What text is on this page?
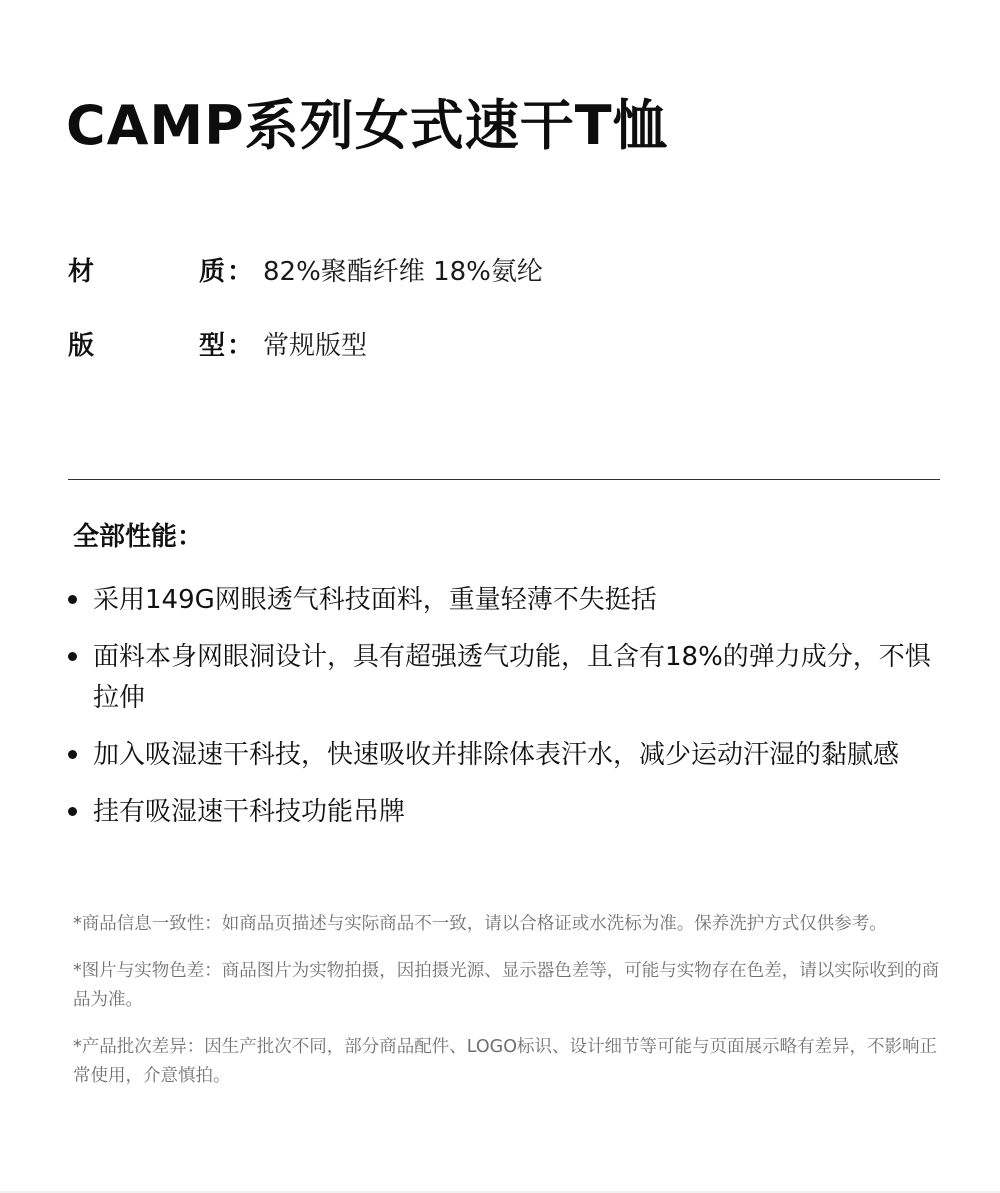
CAMP系列女式速干T恤
材	质 ： 82%聚酯纤维 18%氨纶
版	型 ： 常规版型
全部性能：
采用149G网眼透气科技面料，重量轻薄不失挺括
面料本身网眼洞设计，具有超强透气功能，且含有18%的弹力成分，不惧拉伸
加入吸湿速干科技，快速吸收并排除体表汗水，减少运动汗湿的黏腻感
挂有吸湿速干科技功能吊牌

*商品信息一致性：如商品页描述与实际商品不一致，请以合格证或水洗标为准。保养洗护方式仅供参考。

*图片与实物色差：商品图片为实物拍摄，因拍摄光源、显示器色差等，可能与实物存在色差，请以实际收到的商品为准。

*产品批次差异：因生产批次不同，部分商品配件、LOGO标识、设计细节等可能与页面展示略有差异，不影响正常使用，介意慎拍。
